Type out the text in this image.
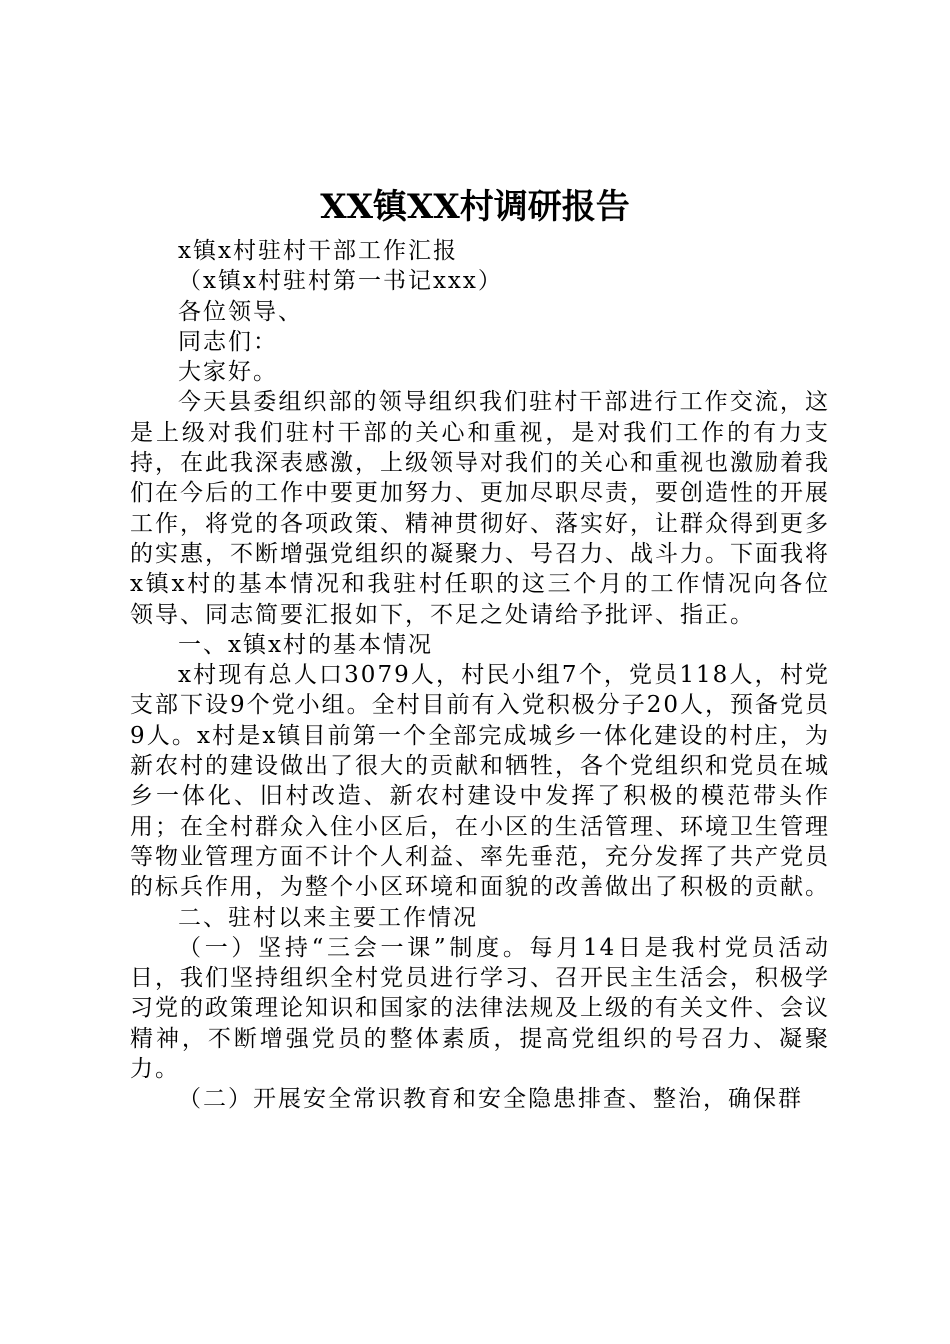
XX镇XX村调研报告

x镇x村驻村干部工作汇报

（x镇x村驻村第一书记xxx）

各位领导、

同志们：

大家好。

今天县委组织部的领导组织我们驻村干部进行工作交流，这是上级对我们驻村干部的关心和重视，是对我们工作的有力支持，在此我深表感激，上级领导对我们的关心和重视也激励着我们在今后的工作中要更加努力、更加尽职尽责，要创造性的开展工作，将党的各项政策、精神贯彻好、落实好，让群众得到更多的实惠，不断增强党组织的凝聚力、号召力、战斗力。下面我将x镇x村的基本情况和我驻村任职的这三个月的工作情况向各位领导、同志简要汇报如下，不足之处请给予批评、指正。

一、x镇x村的基本情况

x村现有总人口3079人，村民小组7个，党员118人，村党支部下设9个党小组。全村目前有入党积极分子20人，预备党员9人。x村是x镇目前第一个全部完成城乡一体化建设的村庄，为新农村的建设做出了很大的贡献和牺牲，各个党组织和党员在城乡一体化、旧村改造、新农村建设中发挥了积极的模范带头作用；在全村群众入住小区后，在小区的生活管理、环境卫生管理等物业管理方面不计个人利益、率先垂范，充分发挥了共产党员的标兵作用，为整个小区环境和面貌的改善做出了积极的贡献。

二、驻村以来主要工作情况

（一）坚持“三会一课”制度。每月14日是我村党员活动日，我们坚持组织全村党员进行学习、召开民主生活会，积极学习党的政策理论知识和国家的法律法规及上级的有关文件、会议精神，不断增强党员的整体素质，提高党组织的号召力、凝聚力。

（二）开展安全常识教育和安全隐患排查、整治，确保群
